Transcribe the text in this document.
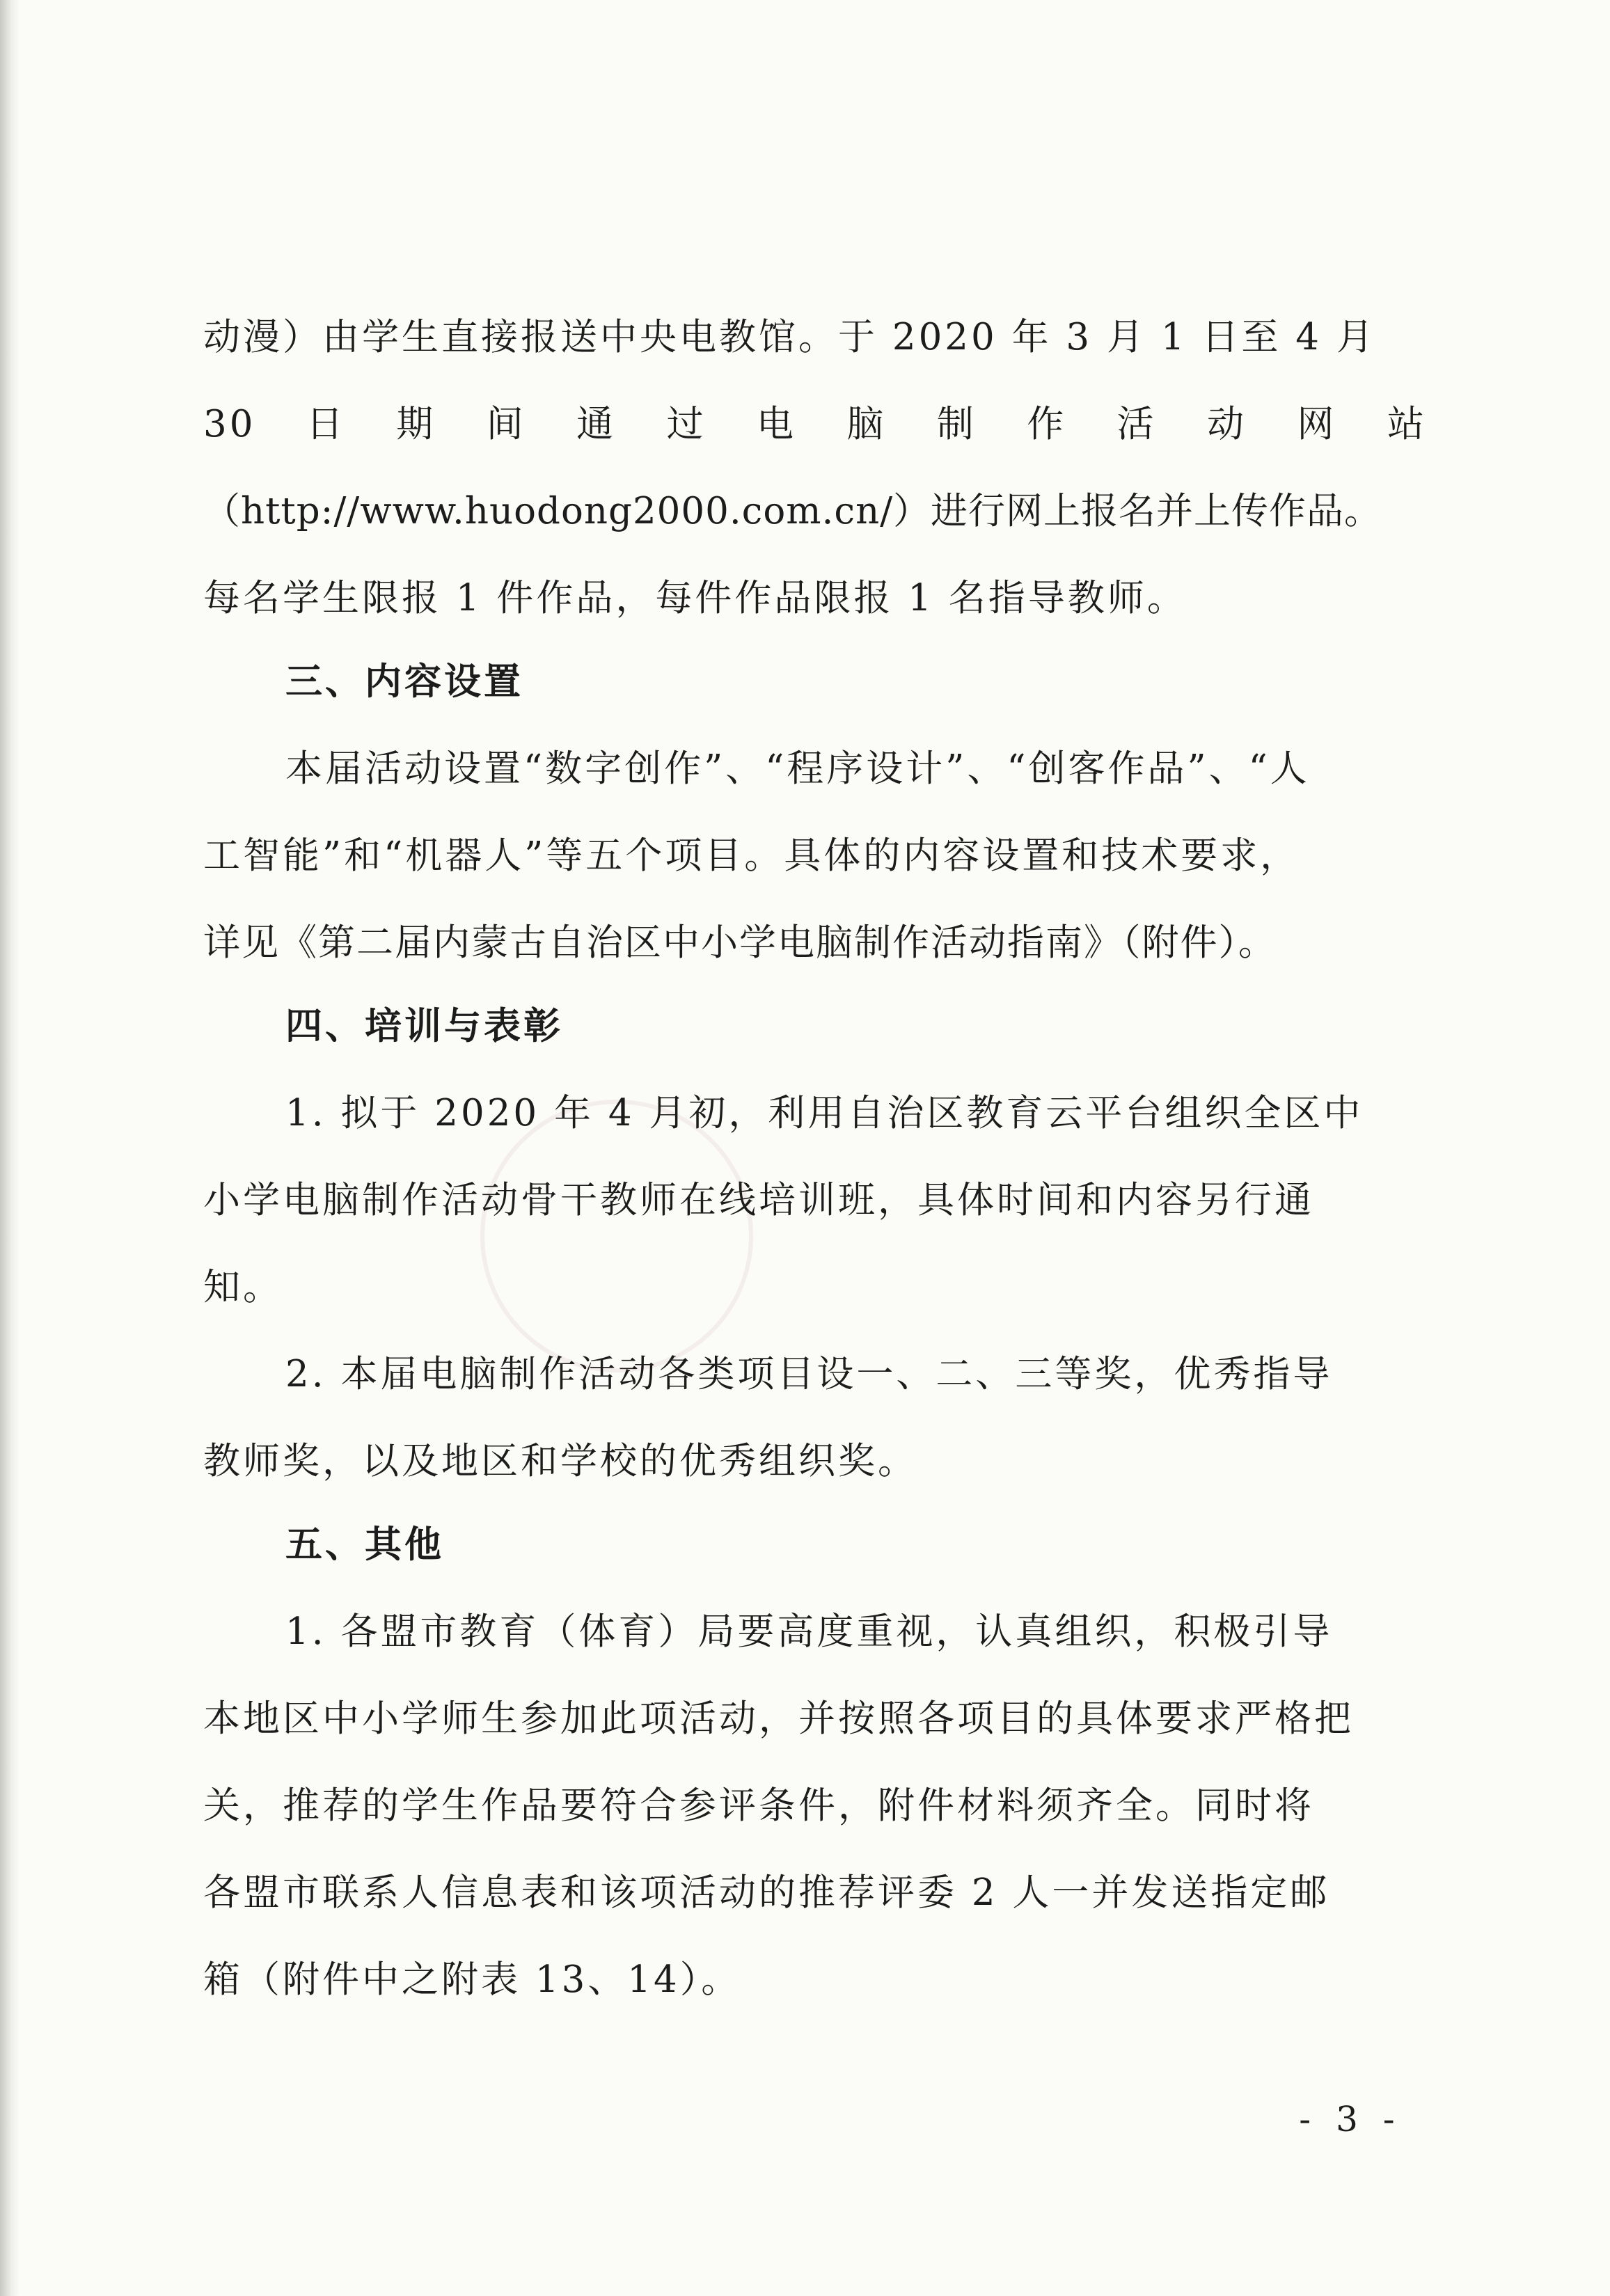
动漫）由学生直接报送中央电教馆。于 2020 年 3 月 1 日至 4 月
30 日 期 间 通 过 电 脑 制 作 活 动 网 站
（http://www.huodong2000.com.cn/）进行网上报名并上传作品。
每名学生限报 1 件作品，每件作品限报 1 名指导教师。
三、内容设置
本届活动设置“数字创作”、“程序设计”、“创客作品”、“人
工智能”和“机器人”等五个项目。具体的内容设置和技术要求，
详见《第二届内蒙古自治区中小学电脑制作活动指南》（附件）。
四、培训与表彰
1. 拟于 2020 年 4 月初，利用自治区教育云平台组织全区中
小学电脑制作活动骨干教师在线培训班，具体时间和内容另行通
知。
2. 本届电脑制作活动各类项目设一、二、三等奖，优秀指导
教师奖，以及地区和学校的优秀组织奖。
五、其他
1. 各盟市教育（体育）局要高度重视，认真组织，积极引导
本地区中小学师生参加此项活动，并按照各项目的具体要求严格把
关，推荐的学生作品要符合参评条件，附件材料须齐全。同时将
各盟市联系人信息表和该项活动的推荐评委 2 人一并发送指定邮
箱（附件中之附表 13、14）。
- 3 -
